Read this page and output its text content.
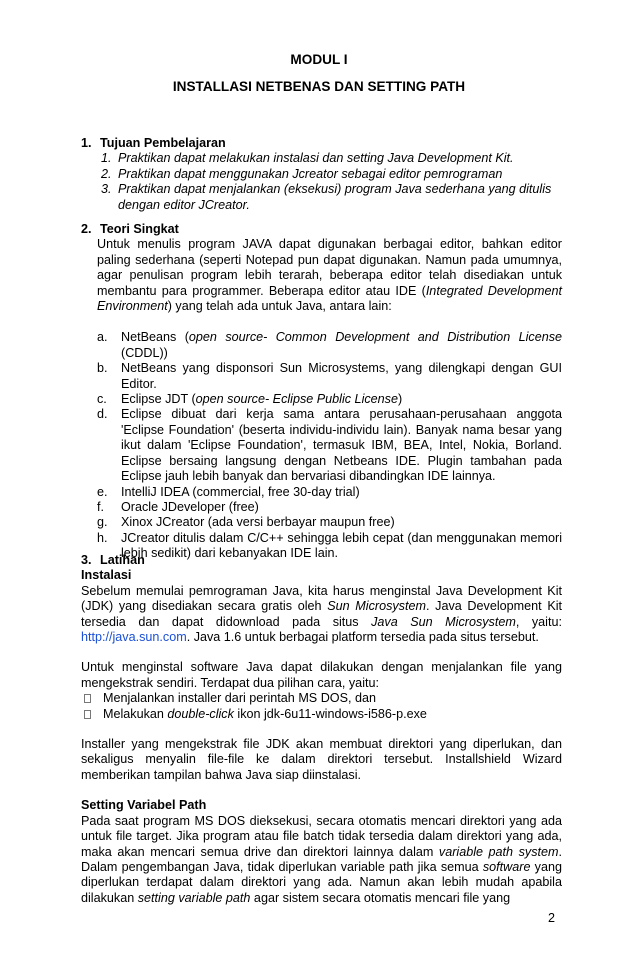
MODUL I
INSTALLASI NETBENAS DAN SETTING PATH
1. Tujuan Pembelajaran
1. Praktikan dapat melakukan instalasi dan setting Java Development Kit.
2. Praktikan dapat menggunakan Jcreator sebagai editor pemrograman
3. Praktikan dapat menjalankan (eksekusi) program Java sederhana yang ditulis dengan editor JCreator.
2. Teori Singkat
Untuk menulis program JAVA dapat digunakan berbagai editor, bahkan editor paling sederhana (seperti Notepad pun dapat digunakan. Namun pada umumnya, agar penulisan program lebih terarah, beberapa editor telah disediakan untuk membantu para programmer. Beberapa editor atau IDE (Integrated Development Environment) yang telah ada untuk Java, antara lain:
a. NetBeans (open source- Common Development and Distribution License (CDDL))
b. NetBeans yang disponsori Sun Microsystems, yang dilengkapi dengan GUI Editor.
c. Eclipse JDT (open source- Eclipse Public License)
d. Eclipse dibuat dari kerja sama antara perusahaan-perusahaan anggota 'Eclipse Foundation' (beserta individu-individu lain). Banyak nama besar yang ikut dalam 'Eclipse Foundation', termasuk IBM, BEA, Intel, Nokia, Borland. Eclipse bersaing langsung dengan Netbeans IDE. Plugin tambahan pada Eclipse jauh lebih banyak dan bervariasi dibandingkan IDE lainnya.
e. IntelliJ IDEA (commercial, free 30-day trial)
f. Oracle JDeveloper (free)
g. Xinox JCreator (ada versi berbayar maupun free)
h. JCreator ditulis dalam C/C++ sehingga lebih cepat (dan menggunakan memori lebih sedikit) dari kebanyakan IDE lain.
3. Latihan
Instalasi
Sebelum memulai pemrograman Java, kita harus menginstal Java Development Kit (JDK) yang disediakan secara gratis oleh Sun Microsystem. Java Development Kit tersedia dan dapat didownload pada situs Java Sun Microsystem, yaitu: http://java.sun.com. Java 1.6 untuk berbagai platform tersedia pada situs tersebut.
Untuk menginstal software Java dapat dilakukan dengan menjalankan file yang mengekstrak sendiri. Terdapat dua pilihan cara, yaitu:
Menjalankan installer dari perintah MS DOS, dan
Melakukan double-click ikon jdk-6u11-windows-i586-p.exe
Installer yang mengekstrak file JDK akan membuat direktori yang diperlukan, dan sekaligus menyalin file-file ke dalam direktori tersebut. Installshield Wizard memberikan tampilan bahwa Java siap diinstalasi.
Setting Variabel Path
Pada saat program MS DOS dieksekusi, secara otomatis mencari direktori yang ada untuk file target. Jika program atau file batch tidak tersedia dalam direktori yang ada, maka akan mencari semua drive dan direktori lainnya dalam variable path system. Dalam pengembangan Java, tidak diperlukan variable path jika semua software yang diperlukan terdapat dalam direktori yang ada. Namun akan lebih mudah apabila dilakukan setting variable path agar sistem secara otomatis mencari file yang
2
